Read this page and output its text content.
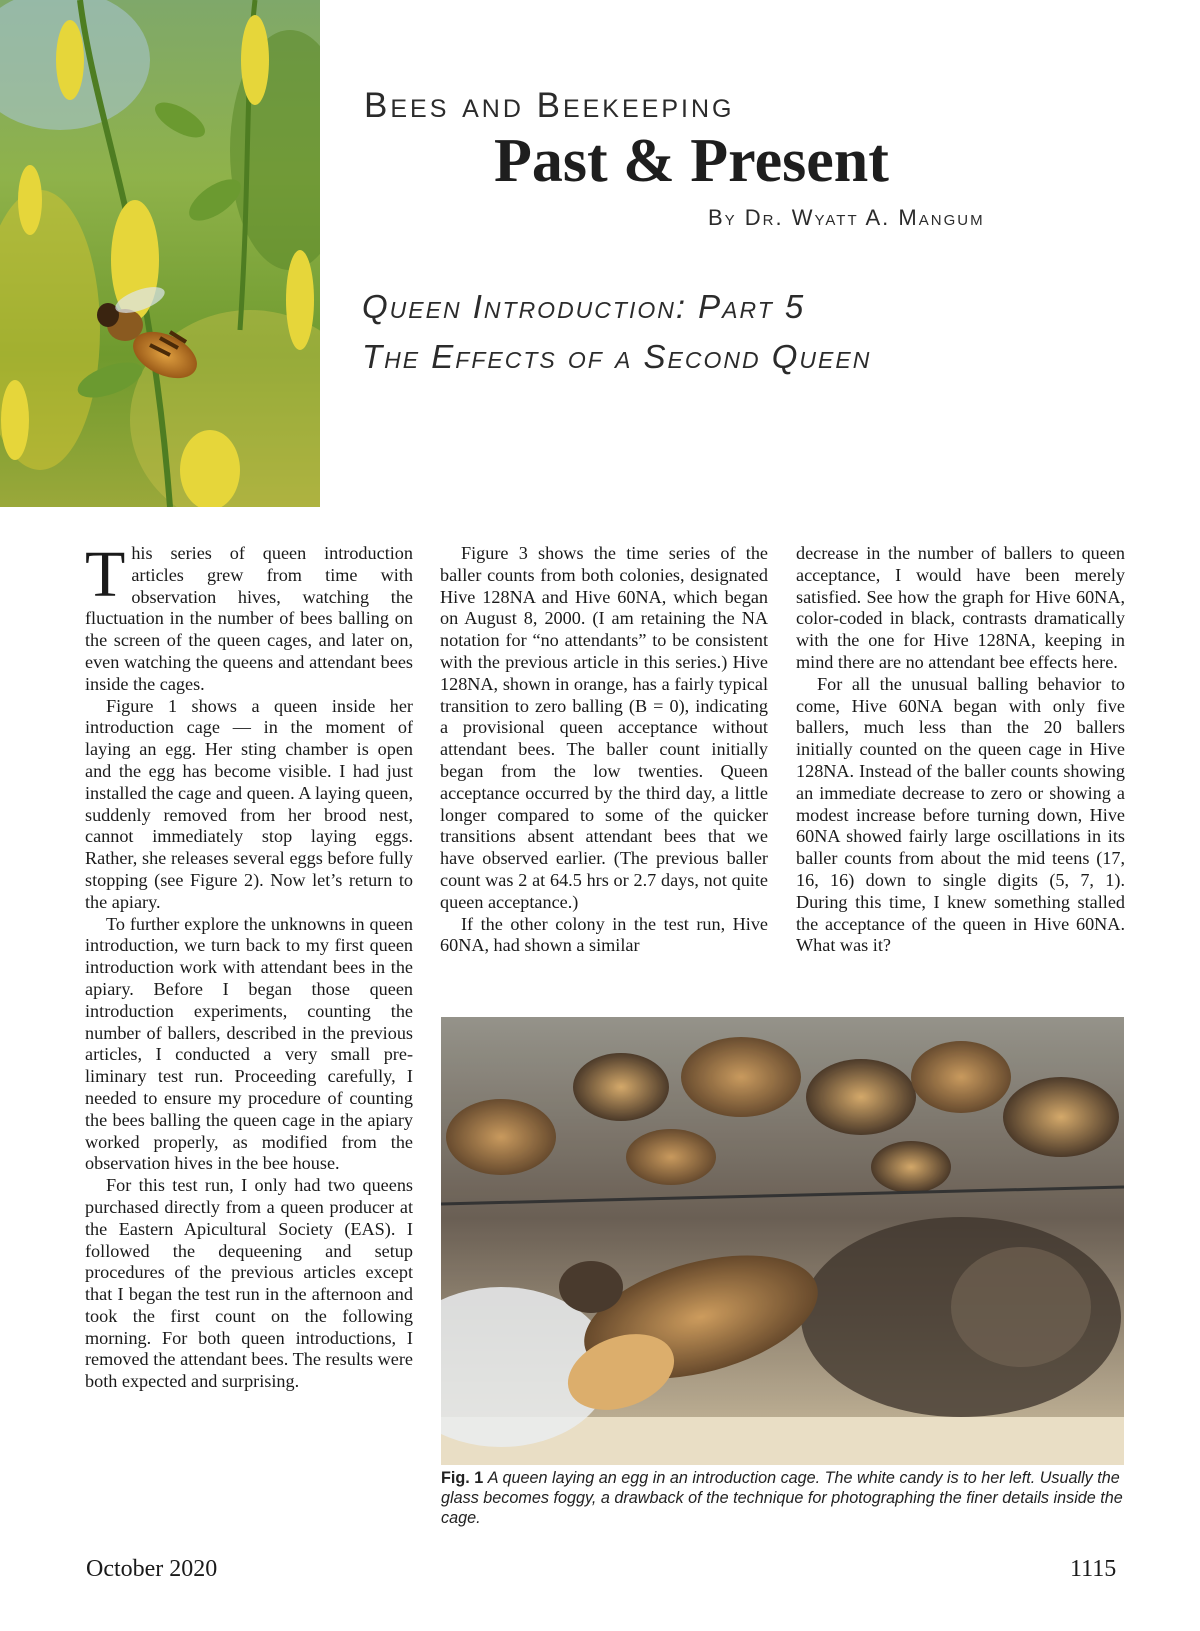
Bees and Beekeeping
Past & Present
By Dr. Wyatt A. Mangum
Queen Introduction: Part 5
The Effects of a Second Queen

This series of queen introduction articles grew from time with observation hives, watching the fluctuation in the number of bees balling on the screen of the queen cages, and later on, even watching the queens and attendant bees inside the cages.

Figure 1 shows a queen inside her introduction cage — in the moment of laying an egg. Her sting chamber is open and the egg has become visible. I had just installed the cage and queen. A laying queen, suddenly removed from her brood nest, cannot immediately stop laying eggs. Rather, she releases several eggs before fully stopping (see Figure 2). Now let’s return to the apiary.

To further explore the unknowns in queen introduction, we turn back to my first queen introduction work with attendant bees in the apiary. Before I began those queen introduction experiments, counting the number of ballers, described in the previous articles, I conducted a very small preliminary test run. Proceeding carefully, I needed to ensure my procedure of counting the bees balling the queen cage in the apiary worked properly, as modified from the observation hives in the bee house.

For this test run, I only had two queens purchased directly from a queen producer at the Eastern Apicultural Society (EAS). I followed the dequeening and setup procedures of the previous articles except that I began the test run in the afternoon and took the first count on the following morning. For both queen introductions, I removed the attendant bees. The results were both expected and surprising.

Figure 3 shows the time series of the baller counts from both colonies, designated Hive 128NA and Hive 60NA, which began on August 8, 2000. (I am retaining the NA notation for “no attendants” to be consistent with the previous article in this series.) Hive 128NA, shown in orange, has a fairly typical transition to zero balling (B = 0), indicating a provisional queen acceptance without attendant bees. The baller count initially began from the low twenties. Queen acceptance occurred by the third day, a little longer compared to some of the quicker transitions absent attendant bees that we have observed earlier. (The previous baller count was 2 at 64.5 hrs or 2.7 days, not quite queen acceptance.)

If the other colony in the test run, Hive 60NA, had shown a similar

decrease in the number of ballers to queen acceptance, I would have been merely satisfied. See how the graph for Hive 60NA, color-coded in black, contrasts dramatically with the one for Hive 128NA, keeping in mind there are no attendant bee effects here.

For all the unusual balling behavior to come, Hive 60NA began with only five ballers, much less than the 20 ballers initially counted on the queen cage in Hive 128NA. Instead of the baller counts showing an immediate decrease to zero or showing a modest increase before turning down, Hive 60NA showed fairly large oscillations in its baller counts from about the mid teens (17, 16, 16) down to single digits (5, 7, 1). During this time, I knew something stalled the acceptance of the queen in Hive 60NA. What was it?

Fig. 1 A queen laying an egg in an introduction cage. The white candy is to her left. Usually the glass becomes foggy, a drawback of the technique for photographing the finer details inside the cage.
October 2020	1115
